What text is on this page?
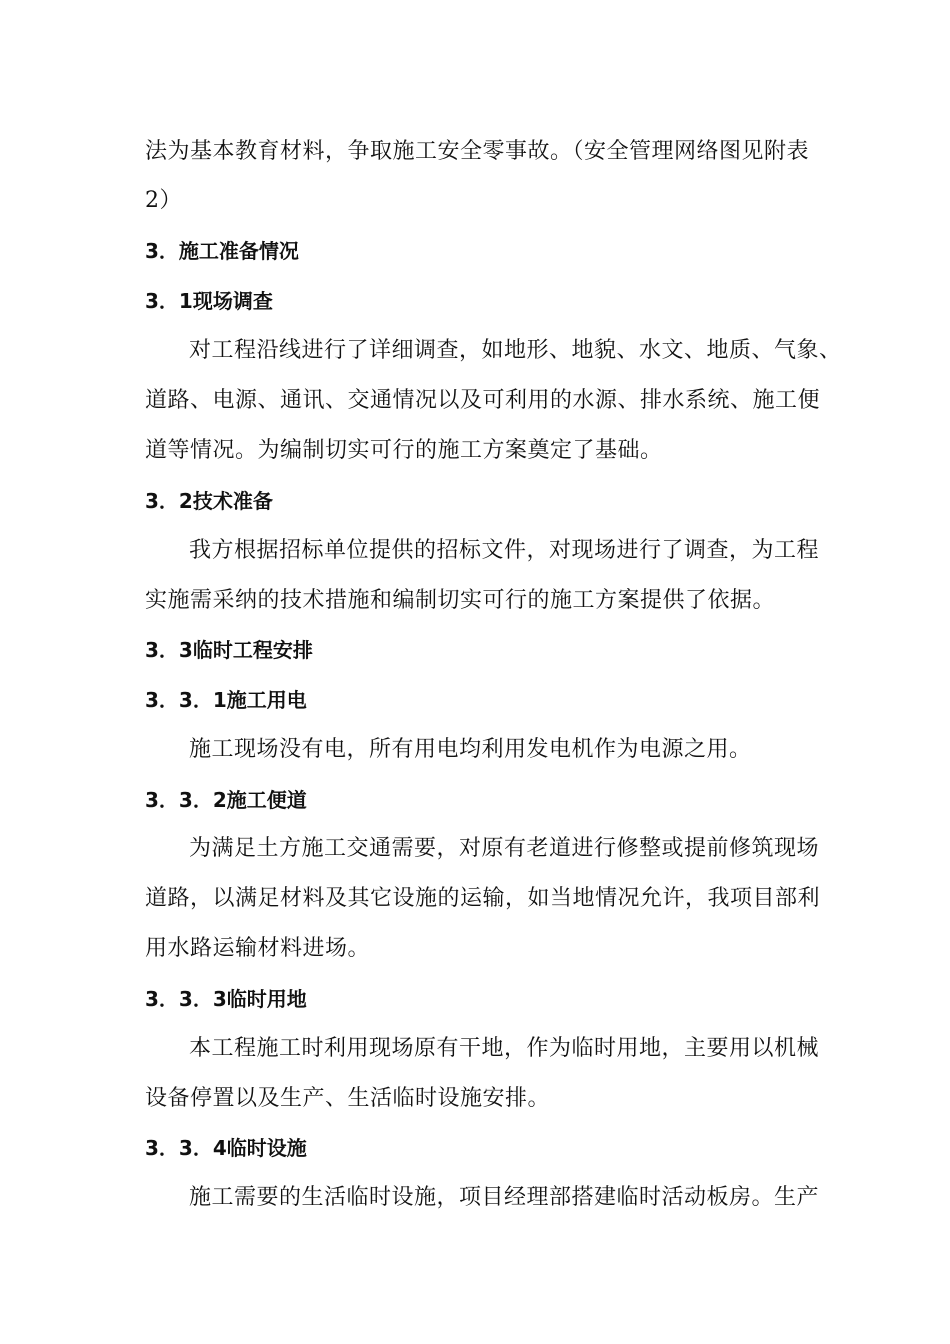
法为基本教育材料，争取施工安全零事故。（安全管理网络图见附表
2）
3．施工准备情况
3．1现场调查
对工程沿线进行了详细调查，如地形、地貌、水文、地质、气象、
道路、电源、通讯、交通情况以及可利用的水源、排水系统、施工便
道等情况。为编制切实可行的施工方案奠定了基础。
3．2技术准备
我方根据招标单位提供的招标文件，对现场进行了调查，为工程
实施需采纳的技术措施和编制切实可行的施工方案提供了依据。
3．3临时工程安排
3．3．1施工用电
施工现场没有电，所有用电均利用发电机作为电源之用。
3．3．2施工便道
为满足土方施工交通需要，对原有老道进行修整或提前修筑现场
道路，以满足材料及其它设施的运输，如当地情况允许，我项目部利
用水路运输材料进场。
3．3．3临时用地
本工程施工时利用现场原有干地，作为临时用地，主要用以机械
设备停置以及生产、生活临时设施安排。
3．3．4临时设施
施工需要的生活临时设施，项目经理部搭建临时活动板房。生产
